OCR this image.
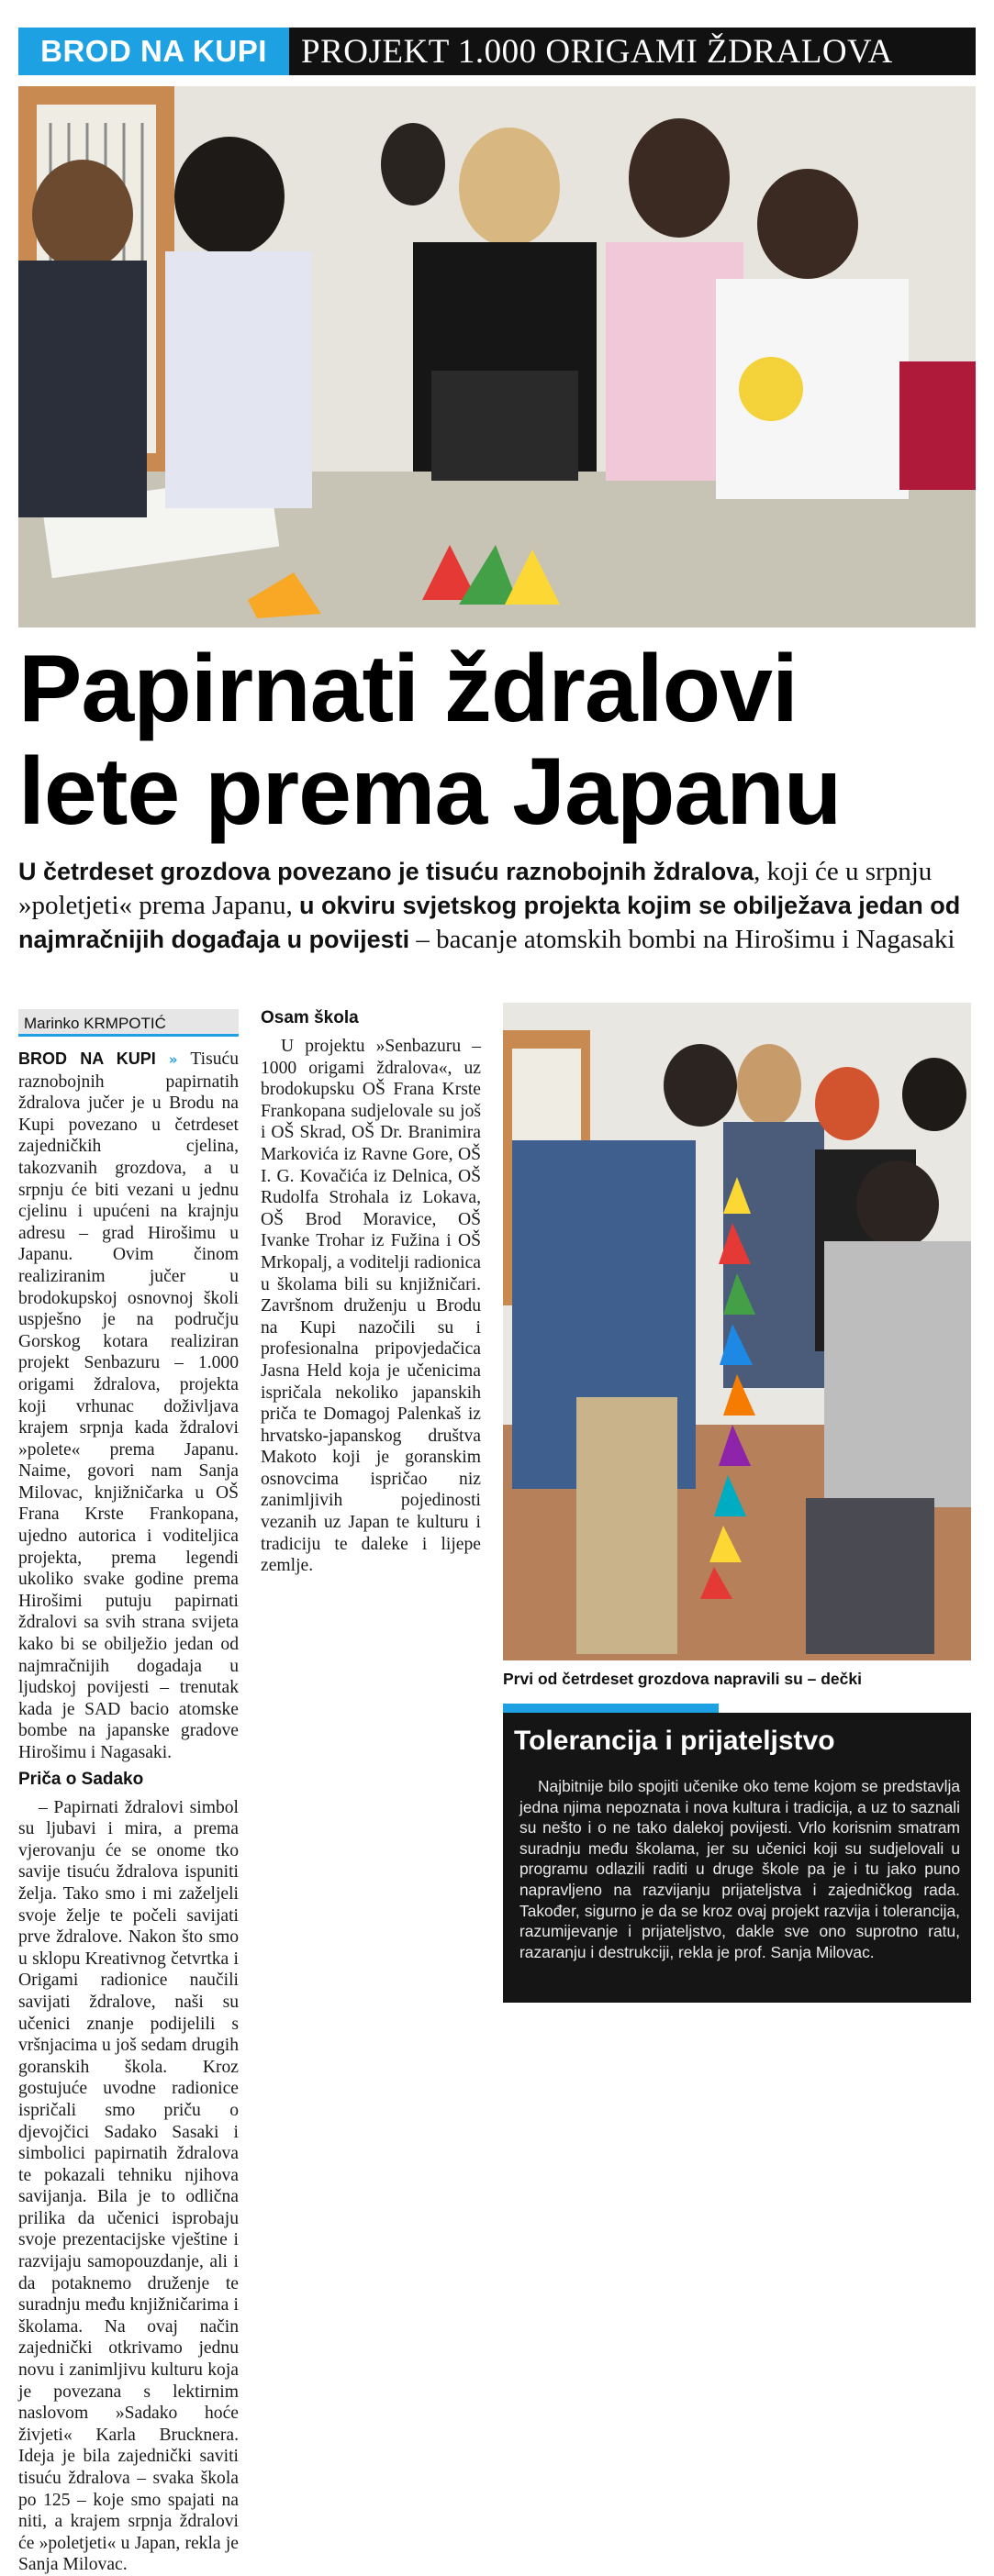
BROD NA KUPI	PROJEKT 1.000 ORIGAMI ŽDRALOVA
Papirnati ždralovi
lete prema Japanu

U četrdeset grozdova povezano je tisuću raznobojnih ždralova, koji će u srpnju »poletjeti« prema Japanu, u okviru svjetskog projekta kojim se obilježava jedan od najmračnijih događaja u povijesti – bacanje atomskih bombi na Hirošimu i Nagasaki

Marinko KRMPOTIĆ

BROD NA KUPI » Tisuću raznobojnih papirnatih ždralova jučer je u Brodu na Kupi povezano u četrdeset zajedničkih cjelina, takozvanih grozdova, a u srpnju će biti vezani u jednu cjelinu i upućeni na krajnju adresu – grad Hirošimu u Japanu. Ovim činom realiziranim jučer u brodokupskoj osnovnoj školi uspješno je na području Gorskog kotara realiziran projekt Senbazuru – 1.000 origami ždralova, projekta koji vrhunac doživljava krajem srpnja kada ždralovi »polete« prema Japanu. Naime, govori nam Sanja Milovac, knjižničarka u OŠ Frana Krste Frankopana, ujedno autorica i voditeljica projekta, prema legendi ukoliko svake godine prema Hirošimi putuju papirnati ždralovi sa svih strana svijeta kako bi se obilježio jedan od najmračnijih dogadaja u ljudskoj povijesti – trenutak kada je SAD bacio atomske bombe na japanske gradove Hirošimu i Nagasaki.

Priča o Sadako

– Papirnati ždralovi simbol su ljubavi i mira, a prema vjerovanju će se onome tko savije tisuću ždralova ispuniti želja. Tako smo i mi zaželjeli svoje želje te počeli savijati prve ždralove. Nakon što smo u sklopu Kreativnog četvrtka i Origami radionice naučili savijati ždralove, naši su učenici znanje podijelili s vršnjacima u još sedam drugih goranskih škola. Kroz gostujuće uvodne radionice ispričali smo priču o djevojčici Sadako Sasaki i simbolici papirnatih ždralova te pokazali tehniku njihova savijanja. Bila je to odlična prilika da učenici isprobaju svoje prezentacijske vještine i razvijaju samopouzdanje, ali i da potaknemo druženje te suradnju među knjižničarima i školama. Na ovaj način zajednički otkrivamo jednu novu i zanimljivu kulturu koja je povezana s lektirnim naslovom »Sadako hoće živjeti« Karla Brucknera. Ideja je bila zajednički saviti tisuću ždralova – svaka škola po 125 – koje smo spajati na niti, a krajem srpnja ždralovi će »poletjeti« u Japan, rekla je Sanja Milovac.

Osam škola

U projektu »Senbazuru – 1000 origami ždralova«, uz brodokupsku OŠ Frana Krste Frankopana sudjelovale su još i OŠ Skrad, OŠ Dr. Branimira Markovića iz Ravne Gore, OŠ I. G. Kovačića iz Delnica, OŠ Rudolfa Strohala iz Lokava, OŠ Brod Moravice, OŠ Ivanke Trohar iz Fužina i OŠ Mrkopalj, a voditelji radionica u školama bili su knjižničari. Završnom druženju u Brodu na Kupi nazočili su i profesionalna pripovjedačica Jasna Held koja je učenicima ispričala nekoliko japanskih priča te Domagoj Palenkaš iz hrvatsko-japanskog društva Makoto koji je goranskim osnovcima ispričao niz zanimljivih pojedinosti vezanih uz Japan te kulturu i tradiciju te daleke i lijepe zemlje.

Prvi od četrdeset grozdova napravili su – dečki
Tolerancija i prijateljstvo

Najbitnije bilo spojiti učenike oko teme kojom se predstavlja jedna njima nepoznata i nova kultura i tradicija, a uz to saznali su nešto i o ne tako dalekoj povijesti. Vrlo korisnim smatram suradnju među školama, jer su učenici koji su sudjelovali u programu odlazili raditi u druge škole pa je i tu jako puno napravljeno na razvijanju prijateljstva i zajedničkog rada. Također, sigurno je da se kroz ovaj projekt razvija i tolerancija, razumijevanje i prijateljstvo, dakle sve ono suprotno ratu, razaranju i destrukciji, rekla je prof. Sanja Milovac.
